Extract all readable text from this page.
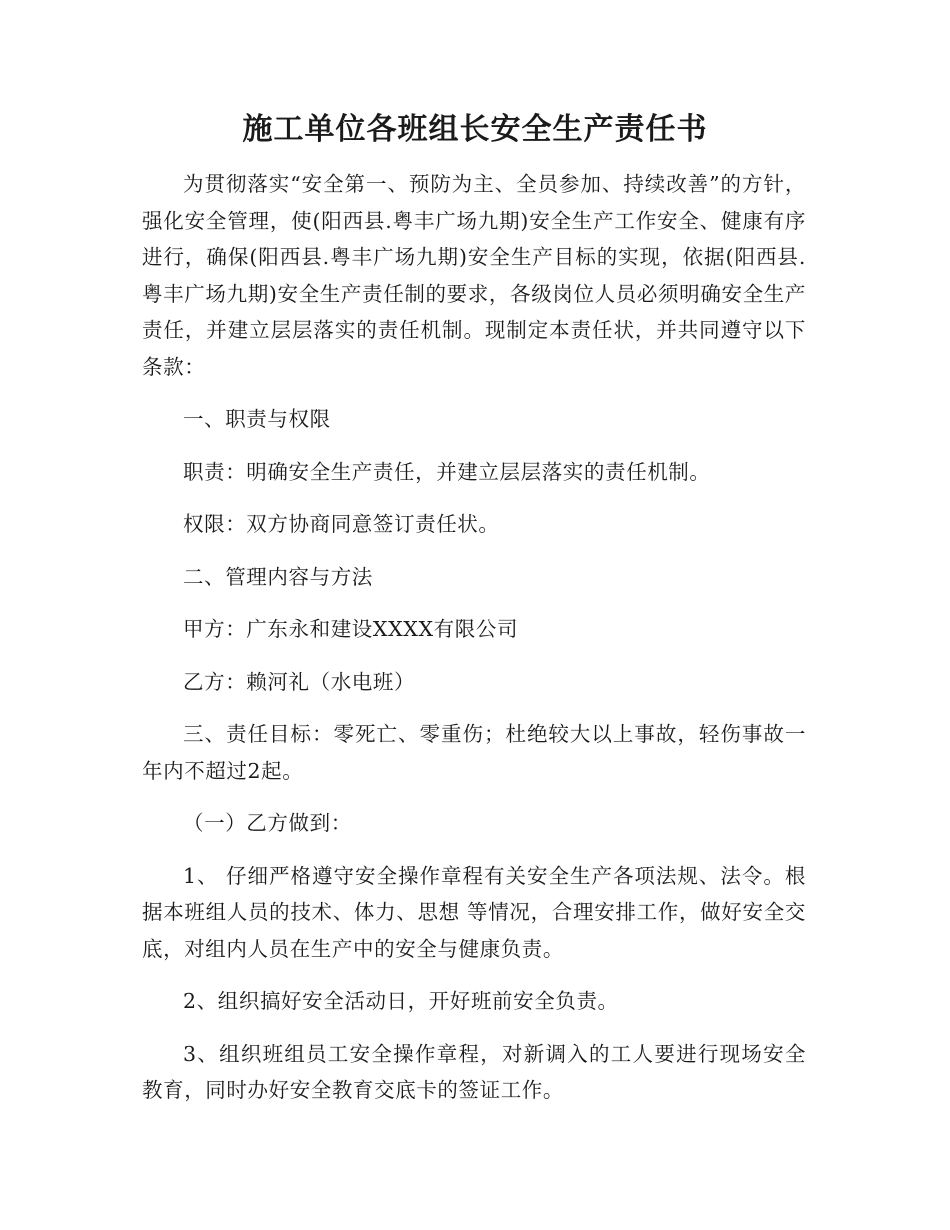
施工单位各班组长安全生产责任书

为贯彻落实“安全第一、预防为主、全员参加、持续改善”的方针，强化安全管理，使(阳西县.粤丰广场九期)安全生产工作安全、健康有序进行，确保(阳西县.粤丰广场九期)安全生产目标的实现，依据(阳西县.粤丰广场九期)安全生产责任制的要求，各级岗位人员必须明确安全生产责任，并建立层层落实的责任机制。现制定本责任状，并共同遵守以下条款：

一、职责与权限

职责：明确安全生产责任，并建立层层落实的责任机制。

权限：双方协商同意签订责任状。

二、管理内容与方法

甲方：广东永和建设XXXX有限公司

乙方：赖河礼（水电班）

三、责任目标：零死亡、零重伤；杜绝较大以上事故，轻伤事故一年内不超过2起。

（一）乙方做到：

1、 仔细严格遵守安全操作章程有关安全生产各项法规、法令。根据本班组人员的技术、体力、思想 等情况，合理安排工作，做好安全交底，对组内人员在生产中的安全与健康负责。

2、组织搞好安全活动日，开好班前安全负责。

3、组织班组员工安全操作章程，对新调入的工人要进行现场安全教育，同时办好安全教育交底卡的签证工作。
